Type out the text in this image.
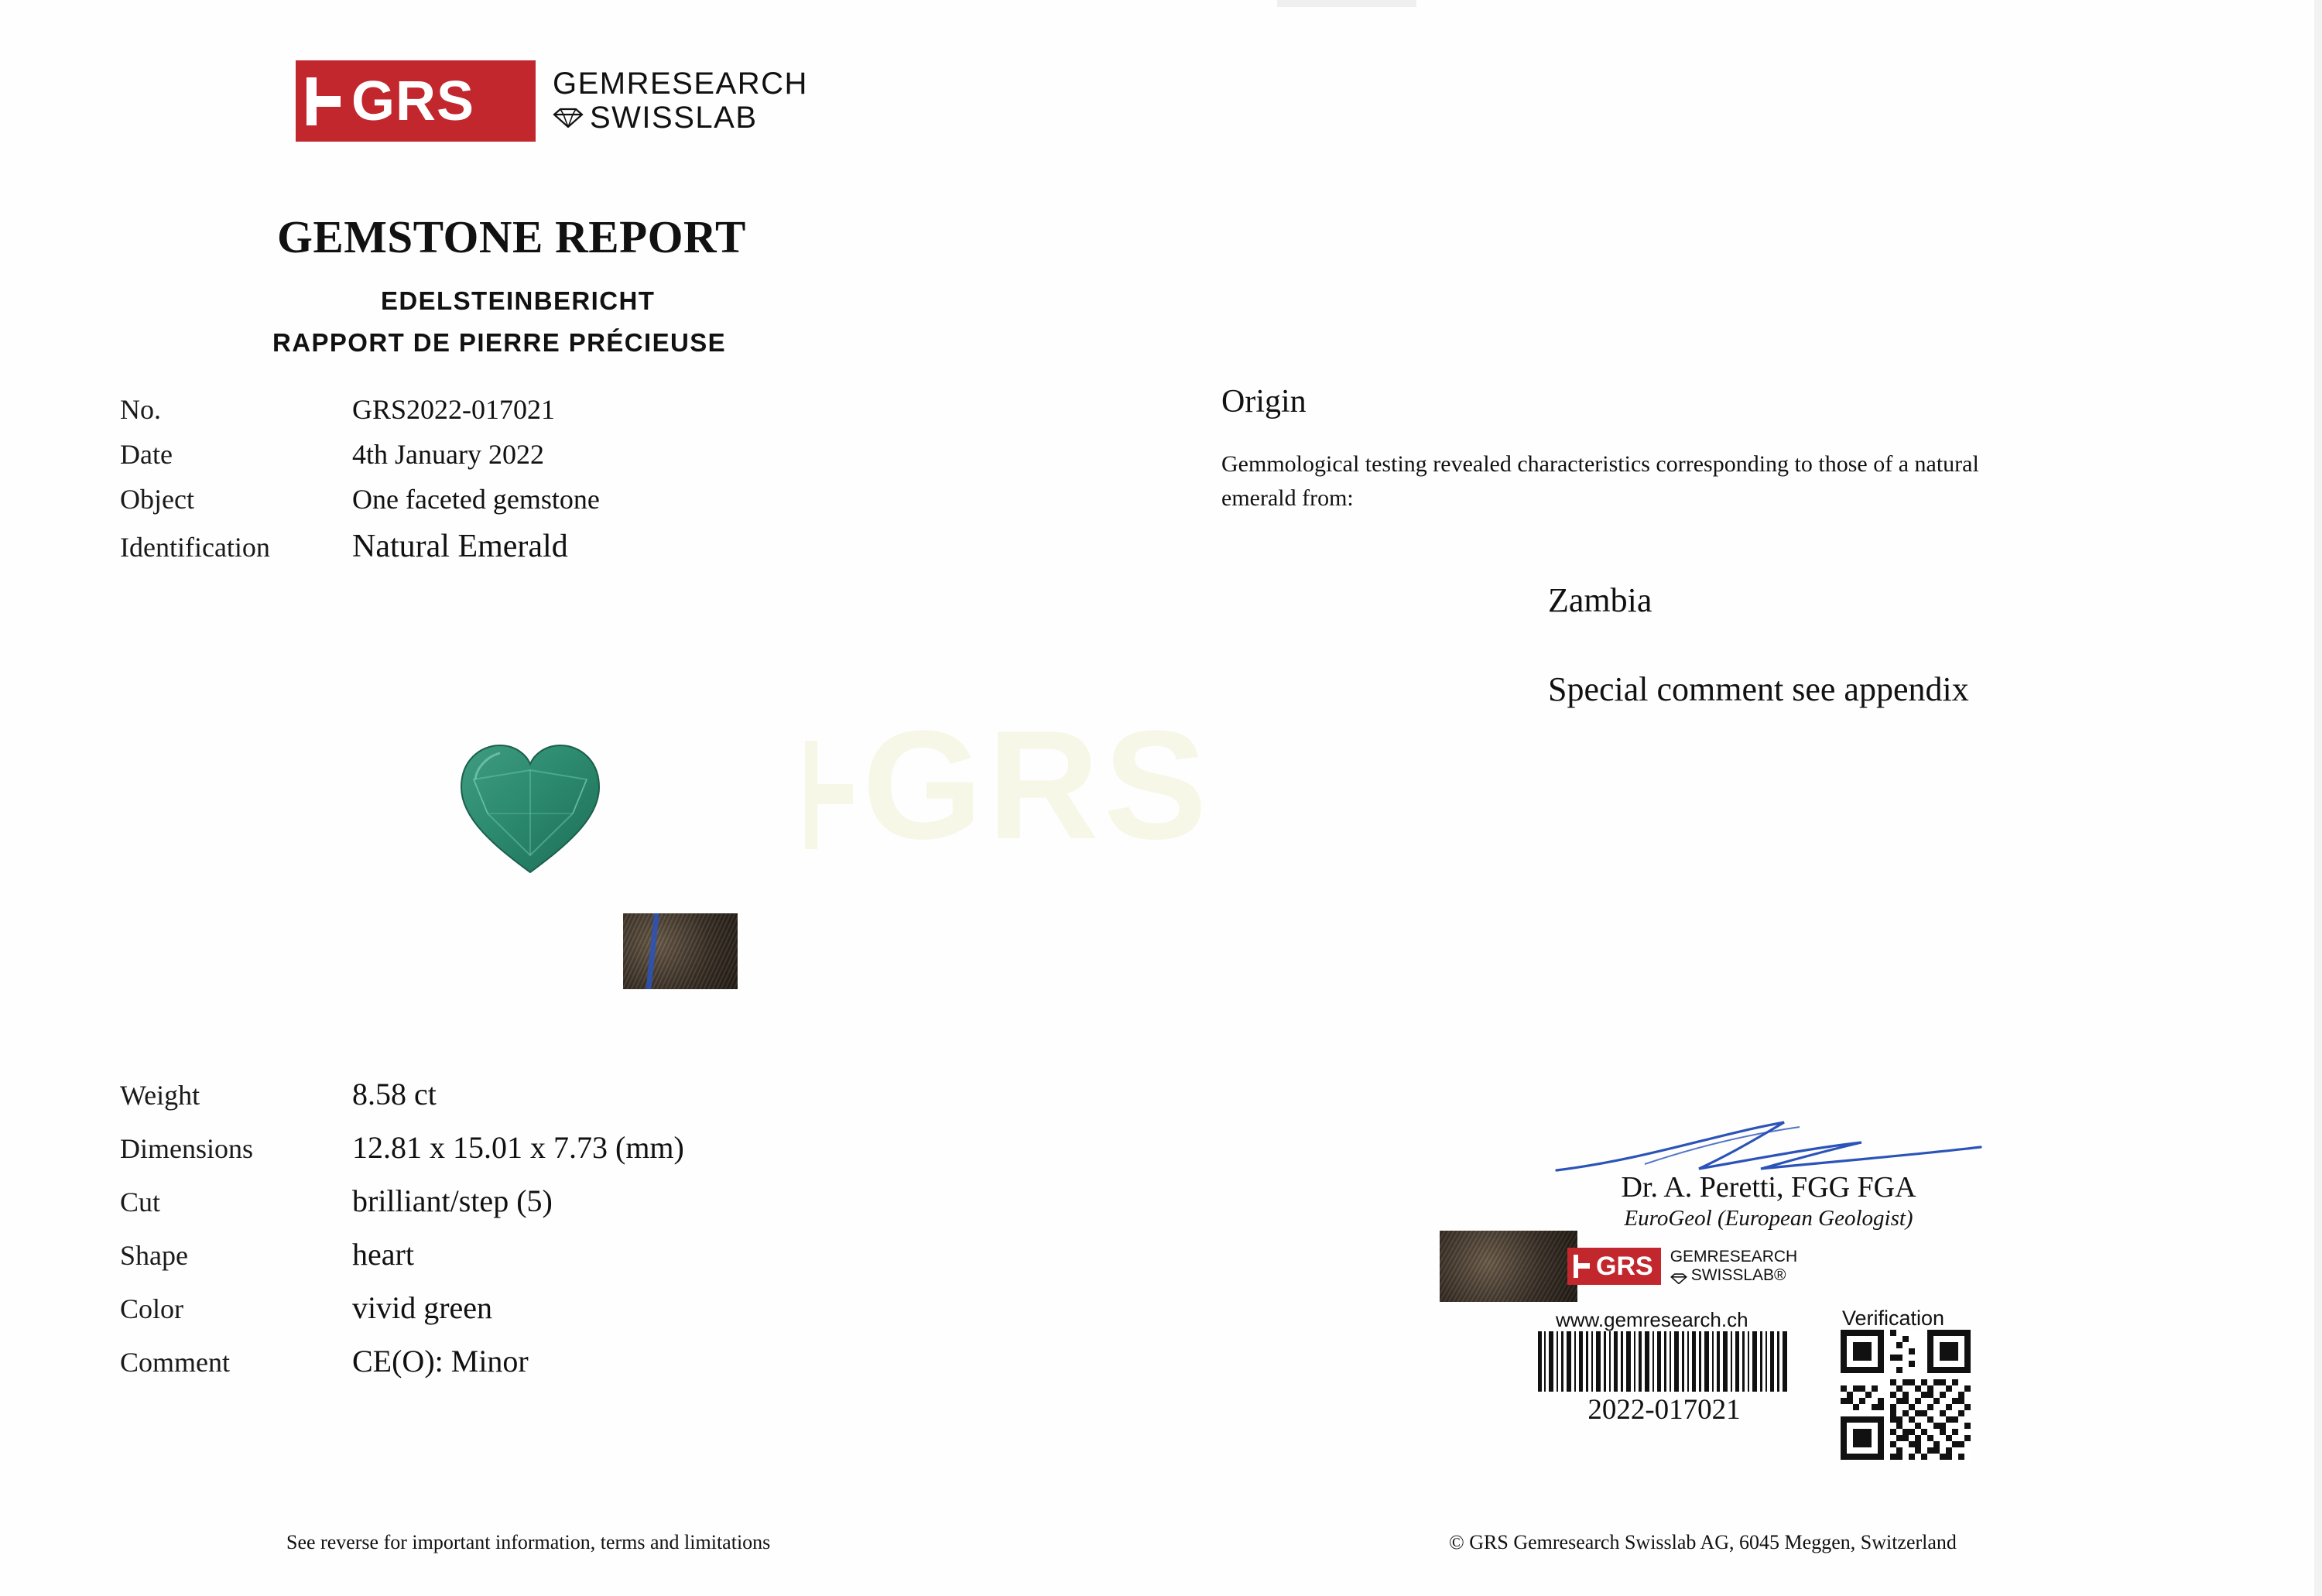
GRS
GRS	GEMRESEARCH
SWISSLAB
GEMSTONE REPORT
EDELSTEINBERICHT
RAPPORT DE PIERRE PRÉCIEUSE
No.	GRS2022-017021
Date	4th January 2022
Object	One faceted gemstone
Identification	Natural Emerald
Weight	8.58 ct
Dimensions	12.81 x 15.01 x 7.73 (mm)
Cut	brilliant/step (5)
Shape	heart
Color	vivid green
Comment	CE(O): Minor
Origin
Gemmological testing revealed characteristics corresponding to those of a natural emerald from:
Zambia
Special comment see appendix
Dr. A. Peretti, FGG FGA
EuroGeol (European Geologist)
GRS GEMRESEARCH
SWISSLAB®
www.gemresearch.ch	Verification
2022-017021
See reverse for important information, terms and limitations	© GRS Gemresearch Swisslab AG, 6045 Meggen, Switzerland
